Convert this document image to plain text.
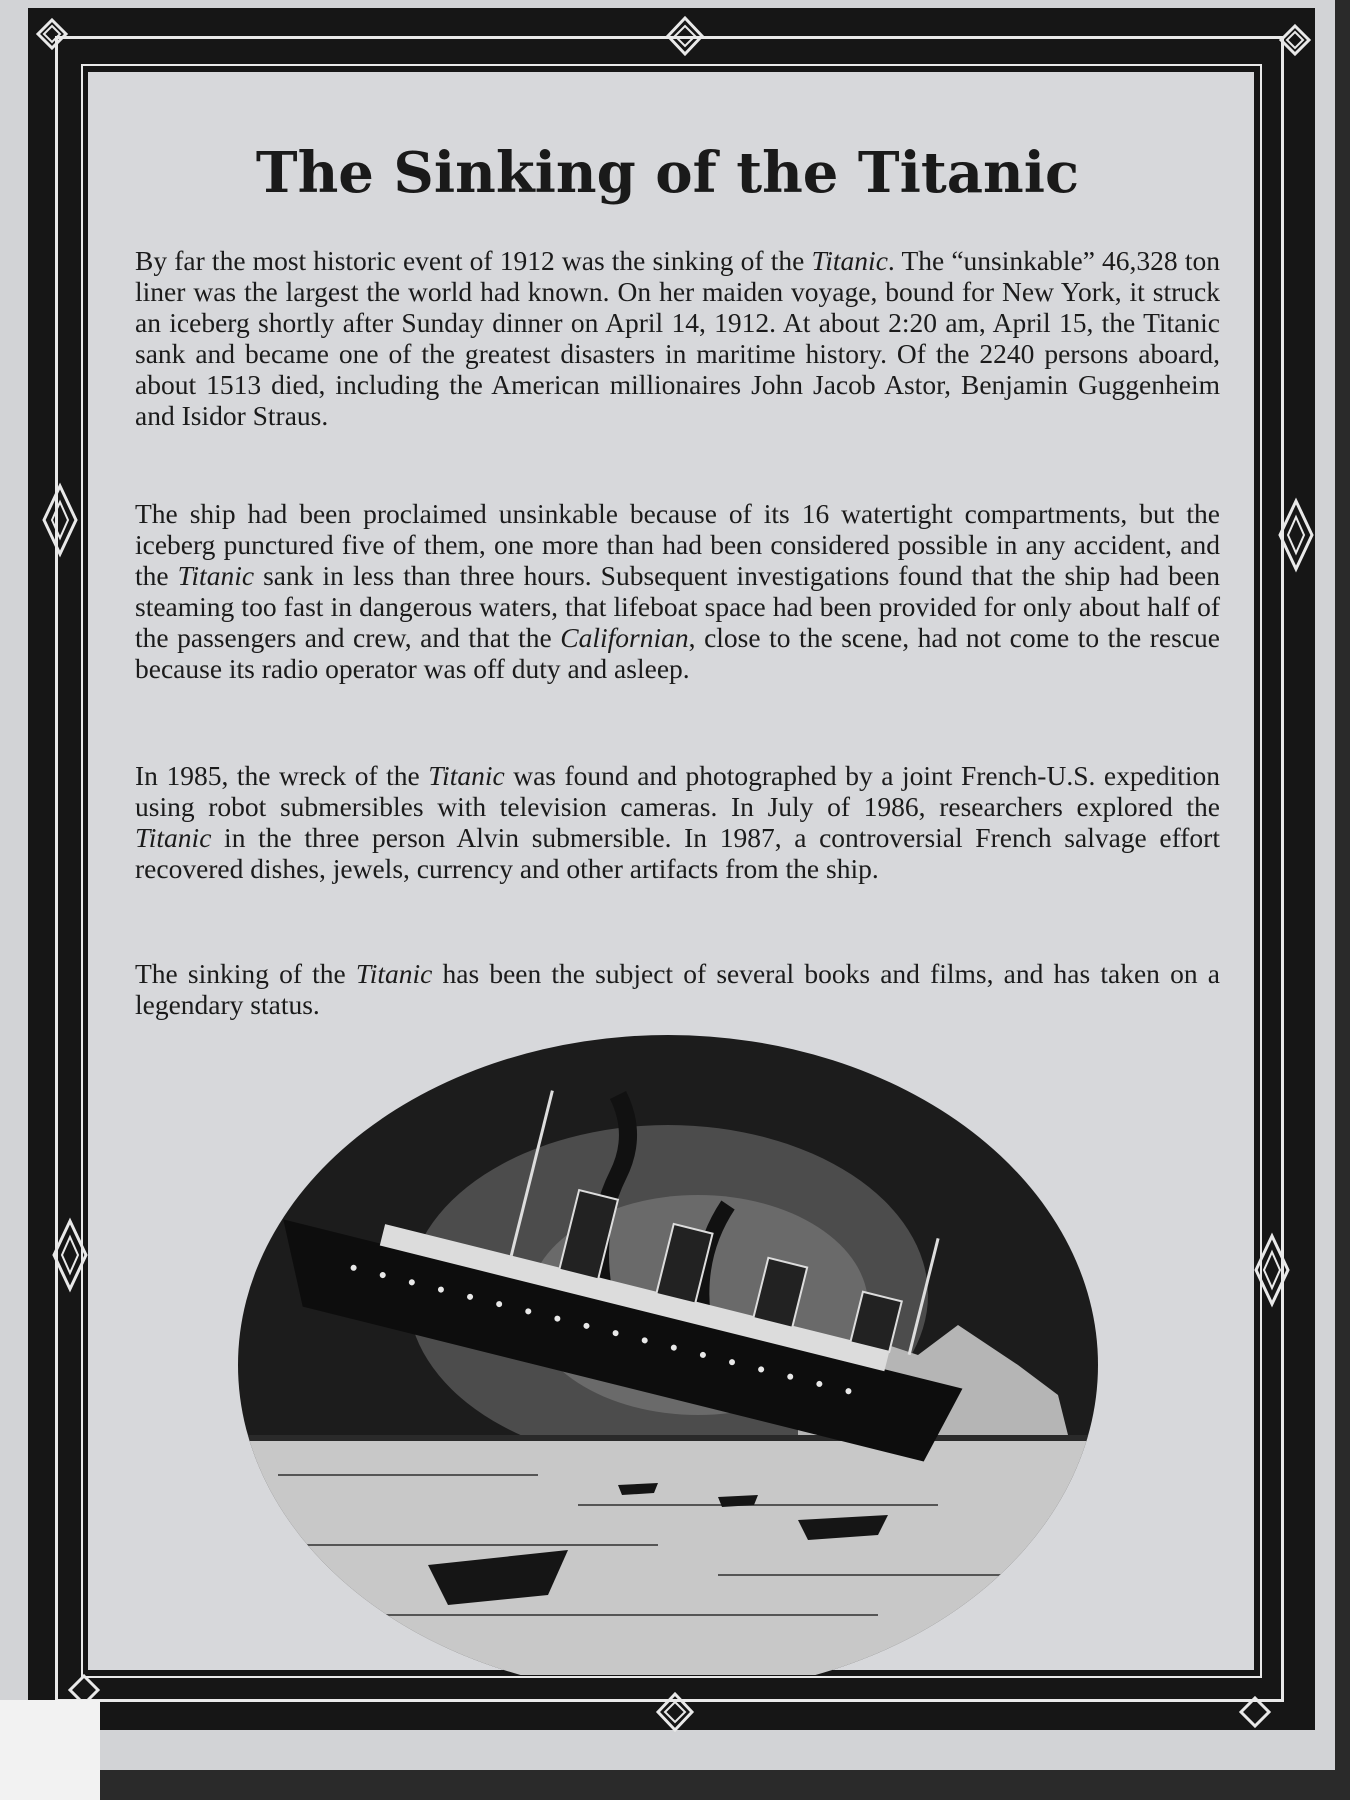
The Sinking of the Titanic

By far the most historic event of 1912 was the sinking of the Titanic. The “unsinkable” 46,328 ton liner was the largest the world had known. On her maiden voyage, bound for New York, it struck an iceberg shortly after Sunday dinner on April 14, 1912. At about 2:20 am, April 15, the Titanic sank and became one of the greatest disasters in maritime history. Of the 2240 persons aboard, about 1513 died, including the American millionaires John Jacob Astor, Benjamin Guggenheim and Isidor Straus.

The ship had been proclaimed unsinkable because of its 16 watertight compartments, but the iceberg punctured five of them, one more than had been considered possible in any accident, and the Titanic sank in less than three hours. Subsequent investigations found that the ship had been steaming too fast in dangerous waters, that lifeboat space had been provided for only about half of the passengers and crew, and that the Californian, close to the scene, had not come to the rescue because its radio operator was off duty and asleep.

In 1985, the wreck of the Titanic was found and photographed by a joint French-U.S. expedition using robot submersibles with television cameras. In July of 1986, researchers explored the Titanic in the three person Alvin submersible. In 1987, a controversial French salvage effort recovered dishes, jewels, currency and other artifacts from the ship.

The sinking of the Titanic has been the subject of several books and films, and has taken on a legendary status.
